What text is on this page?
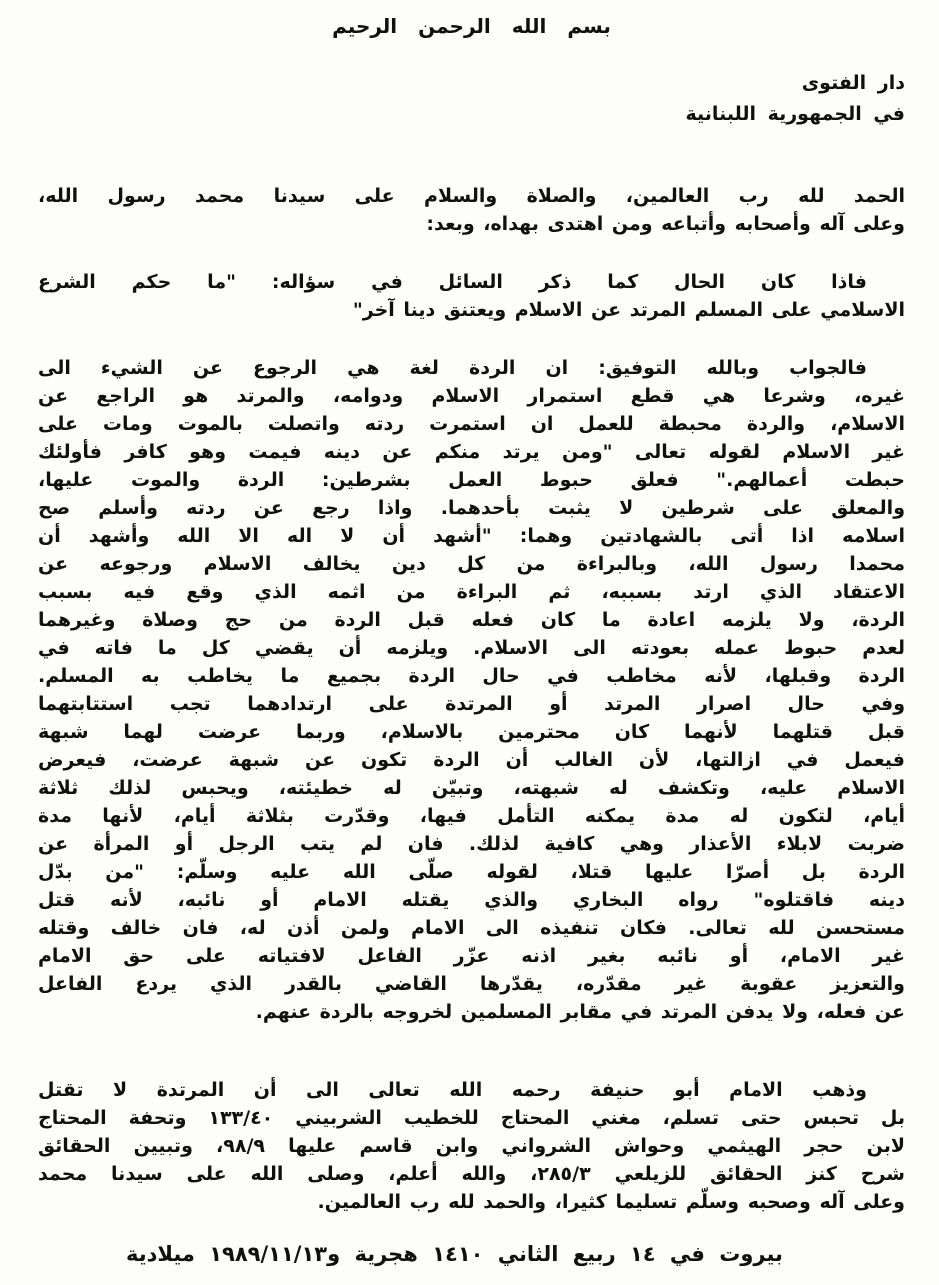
بسم الله الرحمن الرحيم
دار الفتوى
في الجمهورية اللبنانية
الحمد لله رب العالمين، والصلاة والسلام على سيدنا محمد رسول الله،
وعلى آله وأصحابه وأتباعه ومن اهتدى بهداه، وبعد:
فاذا كان الحال كما ذكر السائل في سؤاله: "ما حكم الشرع
الاسلامي على المسلم المرتد عن الاسلام ويعتنق دينا آخر"
فالجواب وبالله التوفيق: ان الردة لغة هي الرجوع عن الشيء الى
غيره، وشرعا هي قطع استمرار الاسلام ودوامه، والمرتد هو الراجع عن
الاسلام، والردة محبطة للعمل ان استمرت ردته واتصلت بالموت ومات على
غير الاسلام لقوله تعالى "ومن يرتد منكم عن دينه فيمت وهو كافر فأولئك
حبطت أعمالهم." فعلق حبوط العمل بشرطين: الردة والموت عليها،
والمعلق على شرطين لا يثبت بأحدهما. واذا رجع عن ردته وأسلم صح
اسلامه اذا أتى بالشهادتين وهما: "أشهد أن لا اله الا الله وأشهد أن
محمدا رسول الله، وبالبراءة من كل دين يخالف الاسلام ورجوعه عن
الاعتقاد الذي ارتد بسببه، ثم البراءة من اثمه الذي وقع فيه بسبب
الردة، ولا يلزمه اعادة ما كان فعله قبل الردة من حج وصلاة وغيرهما
لعدم حبوط عمله بعودته الى الاسلام. ويلزمه أن يقضي كل ما فاته في
الردة وقبلها، لأنه مخاطب في حال الردة بجميع ما يخاطب به المسلم.
وفي حال اصرار المرتد أو المرتدة على ارتدادهما تجب استتابتهما
قبل قتلهما لأنهما كان محترمين بالاسلام، وربما عرضت لهما شبهة
فيعمل في ازالتها، لأن الغالب أن الردة تكون عن شبهة عرضت، فيعرض
الاسلام عليه، وتكشف له شبهته، وتبيّن له خطيئته، ويحبس لذلك ثلاثة
أيام، لتكون له مدة يمكنه التأمل فيها، وقدّرت بثلاثة أيام، لأنها مدة
ضربت لابلاء الأعذار وهي كافية لذلك. فان لم يتب الرجل أو المرأة عن
الردة بل أصرّا عليها قتلا، لقوله صلّى الله عليه وسلّم: "من بدّل
دينه فاقتلوه" رواه البخاري والذي يقتله الامام أو نائبه، لأنه قتل
مستحسن لله تعالى. فكان تنفيذه الى الامام ولمن أذن له، فان خالف وقتله
غير الامام، أو نائبه بغير اذنه عزّر الفاعل لافتياته على حق الامام
والتعزيز عقوبة غير مقدّره، يقدّرها القاضي بالقدر الذي يردع الفاعل
عن فعله، ولا يدفن المرتد في مقابر المسلمين لخروجه بالردة عنهم.
وذهب الامام أبو حنيفة رحمه الله تعالى الى أن المرتدة لا تقتل
بل تحبس حتى تسلم، مغني المحتاج للخطيب الشربيني ١٣٣/٤٠ وتحفة المحتاج
لابن حجر الهيثمي وحواش الشرواني وابن قاسم عليها ٩٨/٩، وتبيين الحقائق
شرح كنز الحقائق للزيلعي ٢٨٥/٣، والله أعلم، وصلى الله على سيدنا محمد
وعلى آله وصحبه وسلّم تسليما كثيرا، والحمد لله رب العالمين.
بيروت في ١٤ ربيع الثاني ١٤١٠ هجرية و١٩٨٩/١١/١٣ ميلادية
